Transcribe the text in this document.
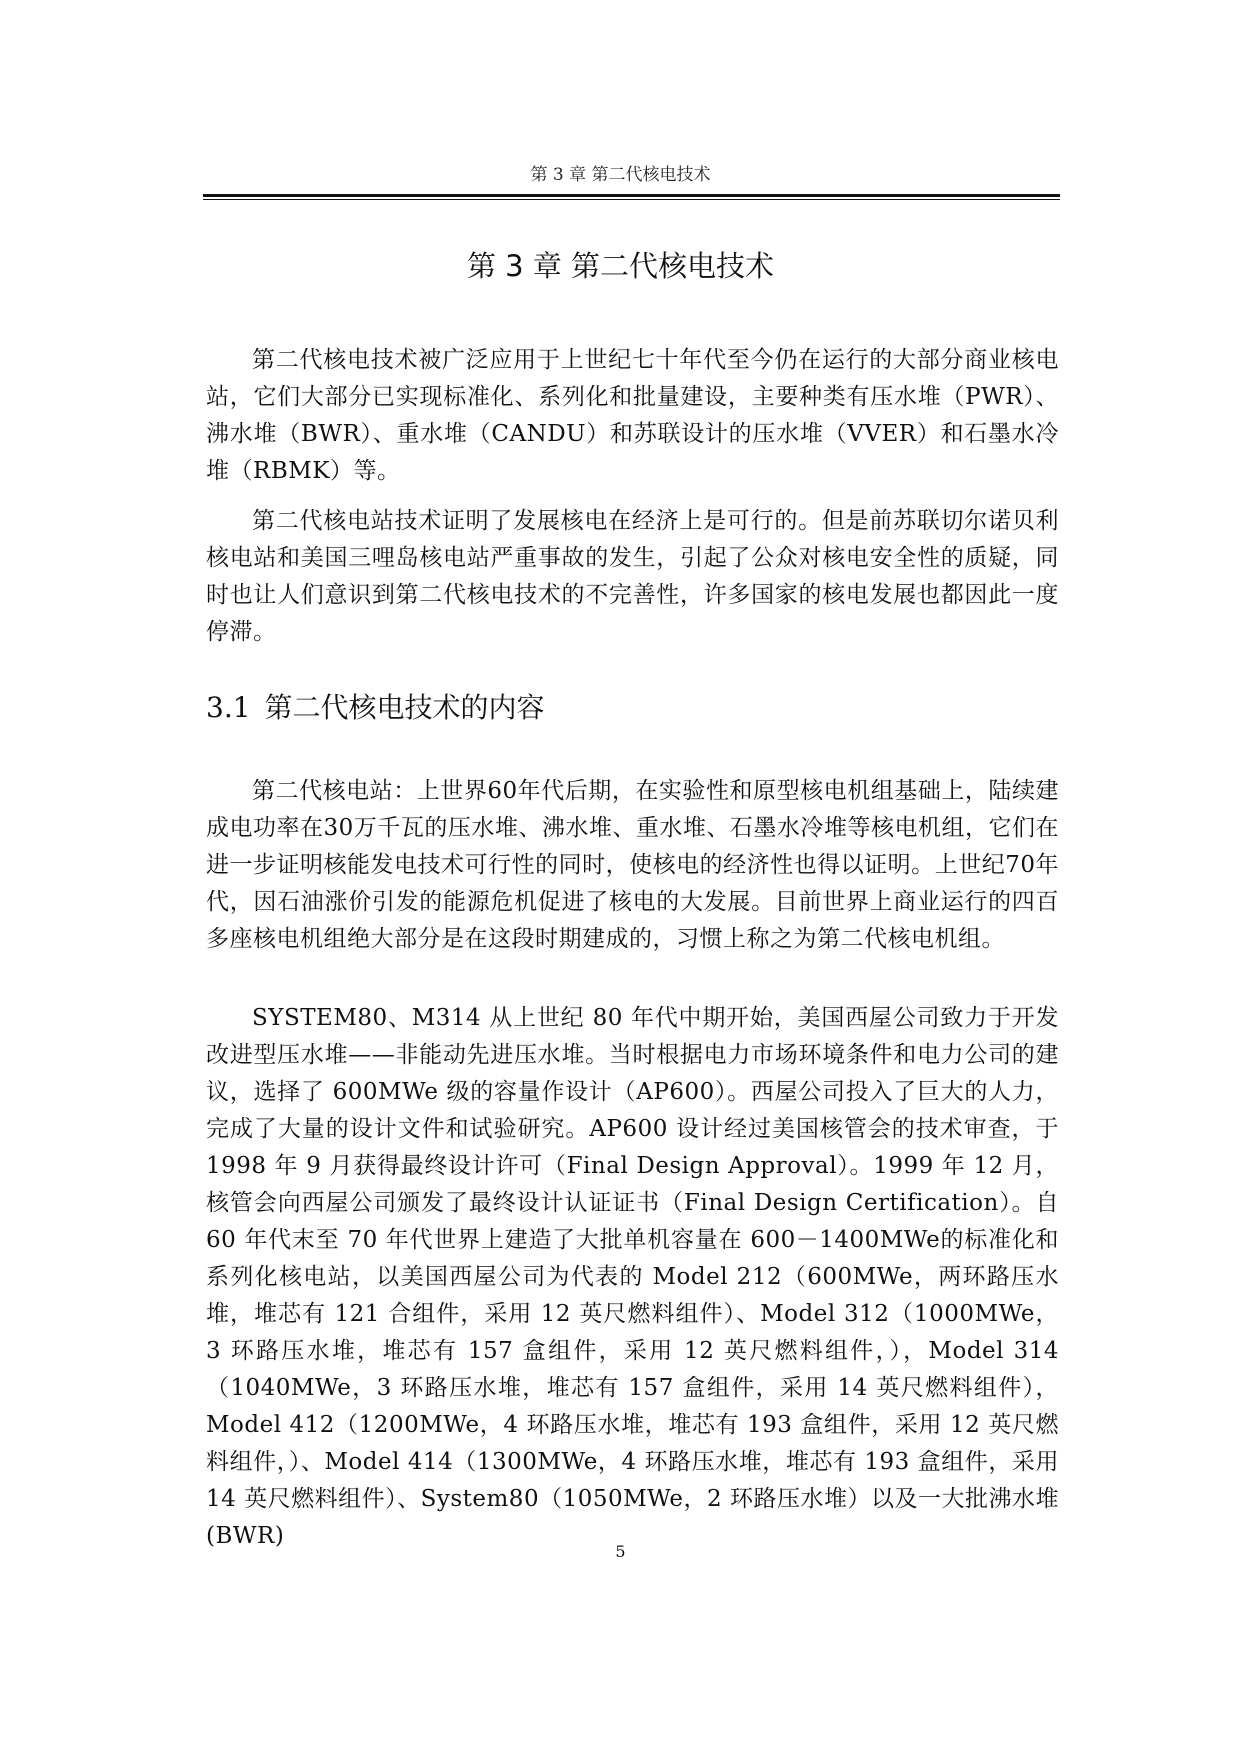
第 3 章 第二代核电技术
第 3 章 第二代核电技术

第二代核电技术被广泛应用于上世纪七十年代至今仍在运行的大部分商业核电站，它们大部分已实现标准化、系列化和批量建设，主要种类有压水堆（PWR）、沸水堆（BWR）、重水堆（CANDU）和苏联设计的压水堆（VVER）和石墨水冷堆（RBMK）等。

第二代核电站技术证明了发展核电在经济上是可行的。但是前苏联切尔诺贝利核电站和美国三哩岛核电站严重事故的发生，引起了公众对核电安全性的质疑，同时也让人们意识到第二代核电技术的不完善性，许多国家的核电发展也都因此一度停滞。

3.1 第二代核电技术的内容

第二代核电站：上世界60年代后期，在实验性和原型核电机组基础上，陆续建成电功率在30万千瓦的压水堆、沸水堆、重水堆、石墨水冷堆等核电机组，它们在进一步证明核能发电技术可行性的同时，使核电的经济性也得以证明。上世纪70年代，因石油涨价引发的能源危机促进了核电的大发展。目前世界上商业运行的四百多座核电机组绝大部分是在这段时期建成的，习惯上称之为第二代核电机组。

SYSTEM80、M314 从上世纪 80 年代中期开始，美国西屋公司致力于开发改进型压水堆——非能动先进压水堆。当时根据电力市场环境条件和电力公司的建议，选择了 600MWe 级的容量作设计（AP600）。西屋公司投入了巨大的人力，完成了大量的设计文件和试验研究。AP600 设计经过美国核管会的技术审查，于 1998 年 9 月获得最终设计许可（Final Design Approval）。1999 年 12 月，核管会向西屋公司颁发了最终设计认证证书（Final Design Certification）。自 60 年代末至 70 年代世界上建造了大批单机容量在 600－1400MWe的标准化和系列化核电站，以美国西屋公司为代表的 Model 212（600MWe，两环路压水堆，堆芯有 121 合组件，采用 12 英尺燃料组件）、Model 312（1000MWe，3 环路压水堆，堆芯有 157 盒组件，采用 12 英尺燃料组件，），Model 314（1040MWe，3 环路压水堆，堆芯有 157 盒组件，采用 14 英尺燃料组件），Model 412（1200MWe，4 环路压水堆，堆芯有 193 盒组件，采用 12 英尺燃料组件，）、Model 414（1300MWe，4 环路压水堆，堆芯有 193 盒组件，采用 14 英尺燃料组件）、System80（1050MWe，2 环路压水堆）以及一大批沸水堆(BWR)

5
